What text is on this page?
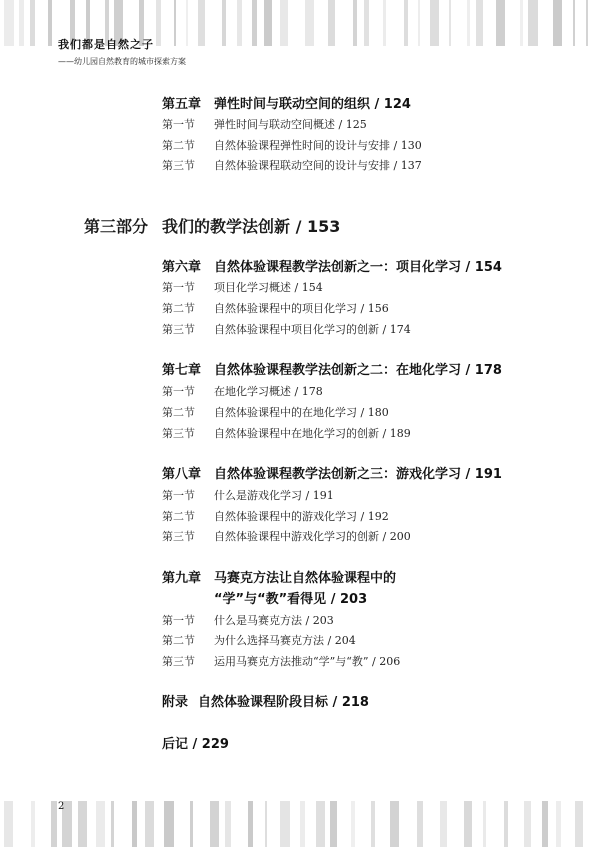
我们都是自然之子
——幼儿园自然教育的城市探索方案
第五章 弹性时间与联动空间的组织 / 124
第一节 弹性时间与联动空间概述 / 125
第二节 自然体验课程弹性时间的设计与安排 / 130
第三节 自然体验课程联动空间的设计与安排 / 137
第三部分 我们的教学法创新 / 153
第六章 自然体验课程教学法创新之一：项目化学习 / 154
第一节 项目化学习概述 / 154
第二节 自然体验课程中的项目化学习 / 156
第三节 自然体验课程中项目化学习的创新 / 174
第七章 自然体验课程教学法创新之二：在地化学习 / 178
第一节 在地化学习概述 / 178
第二节 自然体验课程中的在地化学习 / 180
第三节 自然体验课程中在地化学习的创新 / 189
第八章 自然体验课程教学法创新之三：游戏化学习 / 191
第一节 什么是游戏化学习 / 191
第二节 自然体验课程中的游戏化学习 / 192
第三节 自然体验课程中游戏化学习的创新 / 200
第九章 马赛克方法让自然体验课程中的
“学”与“教”看得见 / 203
第一节 什么是马赛克方法 / 203
第二节 为什么选择马赛克方法 / 204
第三节 运用马赛克方法推动“学”与“教” / 206
附录 自然体验课程阶段目标 / 218
后记 / 229
2
